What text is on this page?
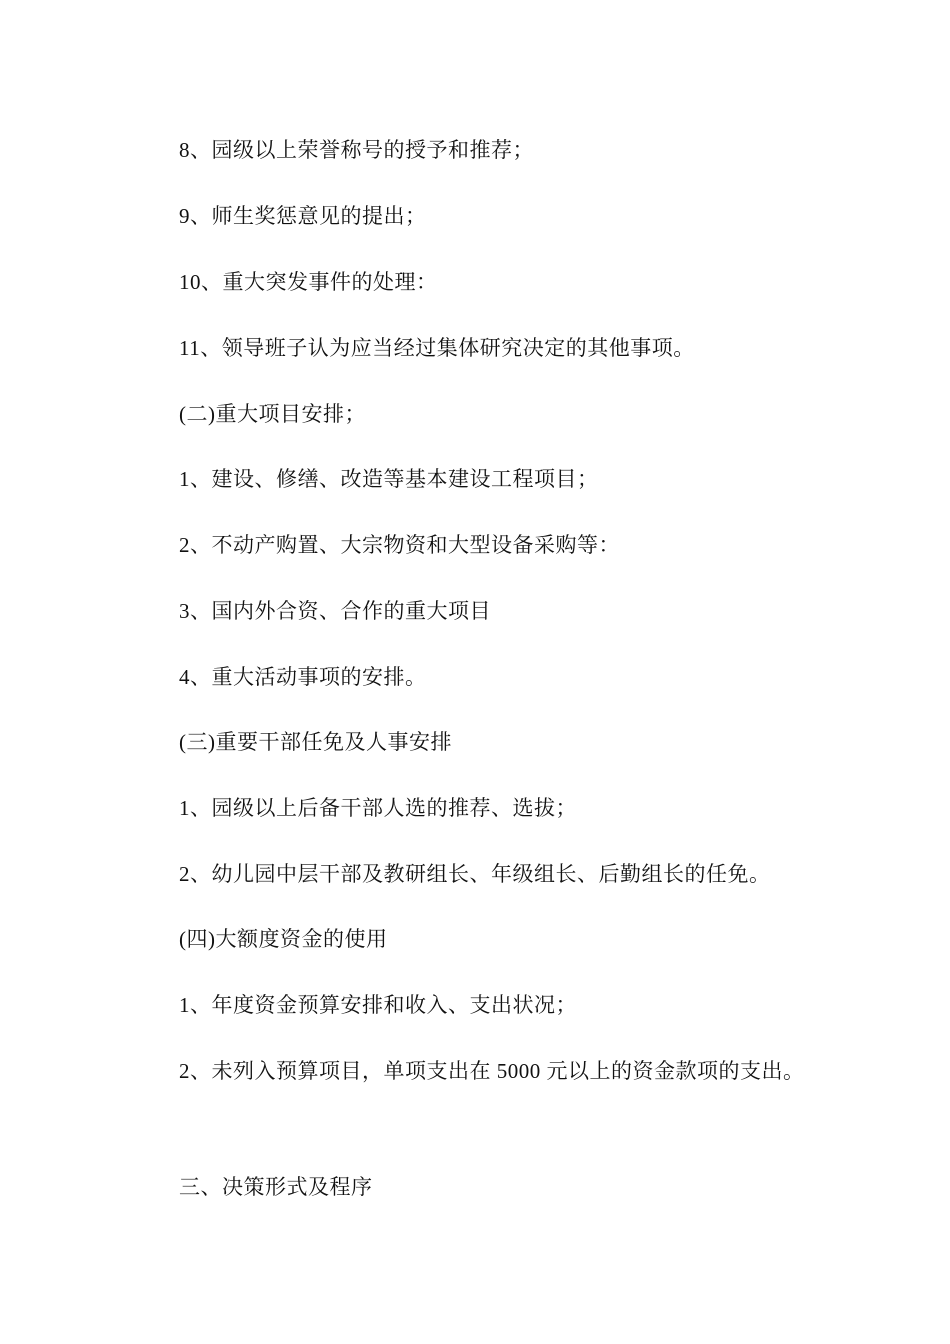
8、园级以上荣誉称号的授予和推荐；

9、师生奖惩意见的提出；

10、重大突发事件的处理：

11、领导班子认为应当经过集体研究决定的其他事项。

(二)重大项目安排；

1、建设、修缮、改造等基本建设工程项目；

2、不动产购置、大宗物资和大型设备采购等：

3、国内外合资、合作的重大项目

4、重大活动事项的安排。

(三)重要干部任免及人事安排

1、园级以上后备干部人选的推荐、选拔；

2、幼儿园中层干部及教研组长、年级组长、后勤组长的任免。

(四)大额度资金的使用

1、年度资金预算安排和收入、支出状况；

2、未列入预算项目，单项支出在 5000 元以上的资金款项的支出。

三、决策形式及程序
